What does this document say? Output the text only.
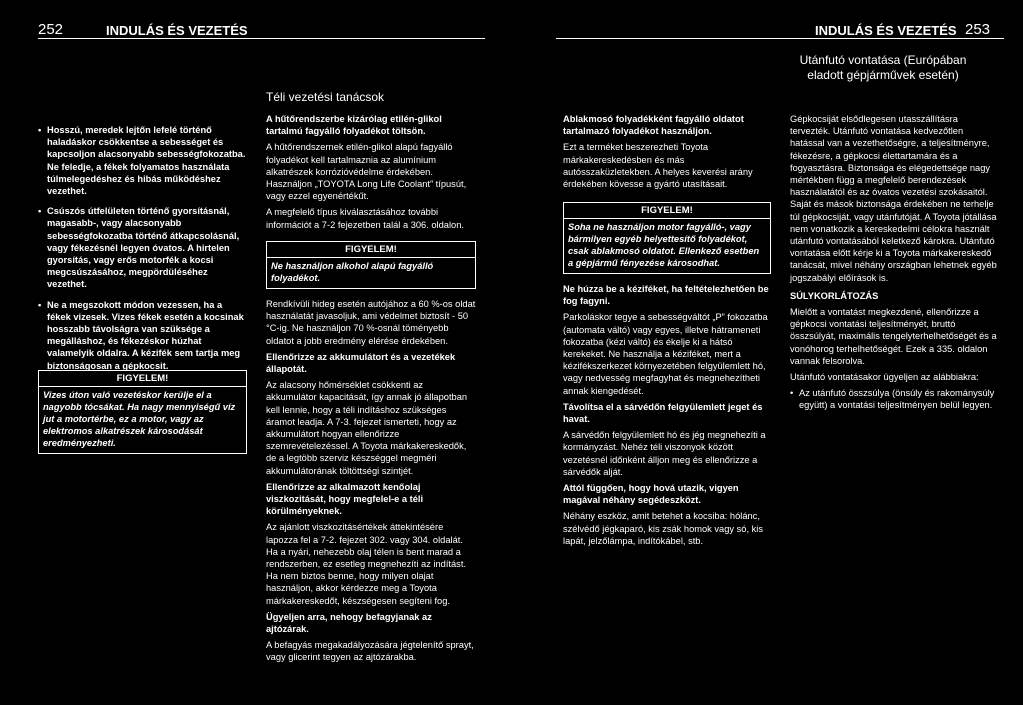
252	INDULÁS ÉS VEZETÉS	INDULÁS ÉS VEZETÉS 253
• Hosszú, meredek lejtőn lefelé történő haladáskor csökkentse a sebességet és kapcsoljon alacsonyabb sebességfokozatba. Ne feledje, a fékek folyamatos használata túlmelegedéshez és hibás működéshez vezethet.
• Csúszós útfelületen történő gyorsításnál, magasabb-, vagy alacsonyabb sebességfokozatba történő átkapcsolásnál, vagy fékezésnél legyen óvatos. A hirtelen gyorsítás, vagy erős motorfék a kocsi megcsúszásához, megpördüléséhez vezethet.
• Ne a megszokott módon vezessen, ha a fékek vizesek. Vizes fékek esetén a kocsinak hosszabb távolságra van szüksége a megálláshoz, és fékezéskor húzhat valamelyik oldalra. A kézifék sem tartja meg biztonságosan a gépkocsit.
FIGYELEM!
Vizes úton való vezetéskor kerülje el a nagyobb tócsákat. Ha nagy mennyiségű víz jut a motortérbe, ez a motor, vagy az elektromos alkatrészek károsodását eredményezheti.
Téli vezetési tanácsok

A hűtőrendszerbe kizárólag etilén-glikol tartalmú fagyálló folyadékot töltsön.

A hűtőrendszernek etilén-glikol alapú fagyálló folyadékot kell tartalmaznia az alumínium alkatrészek korrózióvédelme érdekében. Használjon „TOYOTA Long Life Coolant” típusút, vagy ezzel egyenértékűt.

A megfelelő típus kiválasztásához további információt a 7-2 fejezetben talál a 306. oldalon.

FIGYELEM!
Ne használjon alkohol alapú fagyálló folyadékot.

Rendkívüli hideg esetén autójához a 60 %-os oldat használatát javasoljuk, ami védelmet biztosít - 50 °C-ig. Ne használjon 70 %-osnál töményebb oldatot a jobb eredmény elérése érdekében.

Ellenőrizze az akkumulátort és a vezetékek állapotát.

Az alacsony hőmérséklet csökkenti az akkumulátor kapacitását, így annak jó állapotban kell lennie, hogy a téli indításhoz szükséges áramot leadja. A 7-3. fejezet ismerteti, hogy az akkumulátort hogyan ellenőrizze szemrevételezéssel. A Toyota márkakereskedők, de a legtöbb szerviz készséggel megméri akkumulátorának töltöttségi szintjét.

Ellenőrizze az alkalmazott kenőolaj viszkozitását, hogy megfelel-e a téli körülményeknek.

Az ajánlott viszkozitásértékek áttekintésére lapozza fel a 7-2. fejezet 302. vagy 304. oldalát. Ha a nyári, nehezebb olaj télen is bent marad a rendszerben, ez esetleg megnehezíti az indítást. Ha nem biztos benne, hogy milyen olajat használjon, akkor kérdezze meg a Toyota márkakereskedőt, készségesen segíteni fog.

Ügyeljen arra, nehogy befagyjanak az ajtózárak.

A befagyás megakadályozására jégtelenítő sprayt, vagy glicerint tegyen az ajtózárakba.

Ablakmosó folyadékként fagyálló oldatot tartalmazó folyadékot használjon.

Ezt a terméket beszerezheti Toyota márkakereskedésben és más autósszaküzletekben. A helyes keverési arány érdekében kövesse a gyártó utasításait.

FIGYELEM!
Soha ne használjon motor fagyálló-, vagy bármilyen egyéb helyettesítő folyadékot, csak ablakmosó oldatot. Ellenkező esetben a gépjármű fényezése károsodhat.

Ne húzza be a kéziféket, ha feltételezhetően be fog fagyni.

Parkoláskor tegye a sebességváltót „P” fokozatba (automata váltó) vagy egyes, illetve hátrameneti fokozatba (kézi váltó) és ékelje ki a hátsó kerekeket. Ne használja a kéziféket, mert a kézifékszerkezet környezetében felgyülemlett hó, vagy nedvesség megfagyhat és megnehezítheti annak kiengedését.

Távolítsa el a sárvédőn felgyülemlett jeget és havat.

A sárvédőn felgyülemlett hó és jég megnehezíti a kormányzást. Nehéz téli viszonyok között vezetésnél időnként álljon meg és ellenőrizze a sárvédők alját.

Attól függően, hogy hová utazik, vigyen magával néhány segédeszközt.

Néhány eszköz, amit betehet a kocsiba: hólánc, szélvédő jégkaparó, kis zsák homok vagy só, kis lapát, jelzőlámpa, indítókábel, stb.

Utánfutó vontatása (Európában eladott gépjárművek esetén)

Gépkocsiját elsődlegesen utasszállításra tervezték. Utánfutó vontatása kedvezőtlen hatással van a vezethetőségre, a teljesítményre, fékezésre, a gépkocsi élettartamára és a fogyasztásra. Biztonsága és elégedettsége nagy mértékben függ a megfelelő berendezések használatától és az óvatos vezetési szokásaitól. Saját és mások biztonsága érdekében ne terhelje túl gépkocsiját, vagy utánfutóját. A Toyota jótállása nem vonatkozik a kereskedelmi célokra használt utánfutó vontatásából keletkező károkra. Utánfutó vontatása előtt kérje ki a Toyota márkakereskedő tanácsát, mivel néhány országban lehetnek egyéb jogszabályi előírások is.

SÚLYKORLÁTOZÁS

Mielőtt a vontatást megkezdené, ellenőrizze a gépkocsi vontatási teljesítményét, bruttó összsúlyát, maximális tengelyterhelhetőségét és a vonóhorog terhelhetőségét. Ezek a 335. oldalon vannak felsorolva.

Utánfutó vontatásakor ügyeljen az alábbiakra:

• Az utánfutó összsúlya (önsúly és rakománysúly együtt) a vontatási teljesítményen belül legyen.
